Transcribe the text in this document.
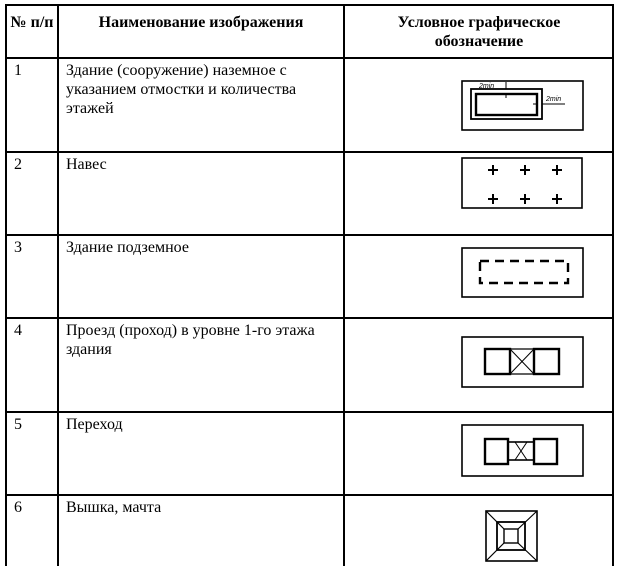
№ п/п	Наименование изображения	Условное графическое обозначение
1	Здание (сооружение) наземное с указанием отмостки и количества этажей
2min
2min
2	Навес
3	Здание подземное
4	Проезд (проход) в уровне 1-го этажа здания
5	Переход
6	Вышка, мачта
